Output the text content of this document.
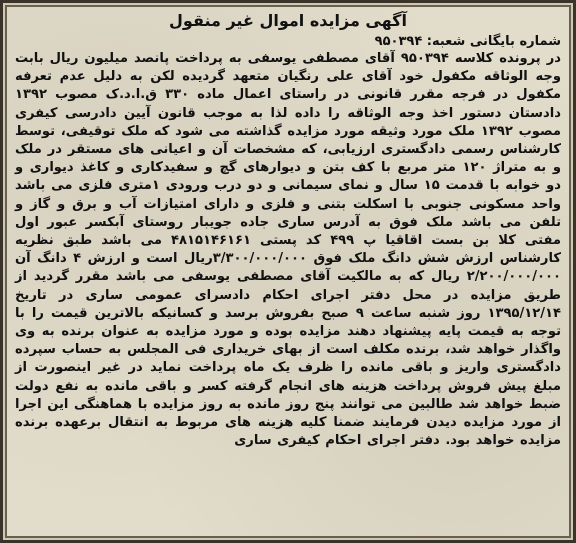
آگهی مزایده اموال غیر منقول

شماره بایگانی شعبه: ۹۵۰۳۹۴

در پرونده کلاسه ۹۵۰۳۹۴ آقای مصطفی یوسفی به پرداخت پانصد میلیون ریال بابت وجه الوثاقه مکفول خود آقای علی رنگیان متعهد گردیده لکن به دلیل عدم تعرفه مکفول در فرجه مقرر قانونی در راستای اعمال ماده ۳۳۰ ق.ا.د.ک مصوب ۱۳۹۲ دادستان دستور اخذ وجه الوثاقه را داده لذا به موجب قانون آیین دادرسی کیفری مصوب ۱۳۹۲ ملک مورد وثیقه مورد مزایده گذاشته می شود که ملک توقیفی، توسط کارشناس رسمی دادگستری ارزیابی، که مشخصات آن و اعیانی های مستقر در ملک و به متراژ ۱۲۰ متر مربع با کف بتن و دیوارهای گچ و سفیدکاری و کاغذ دیواری و دو خوابه با قدمت ۱۵ سال و نمای سیمانی و دو درب ورودی ۱متری فلزی می باشد واحد مسکونی جنوبی با اسکلت بتنی و فلزی و دارای امتیازات آب و برق و گاز و تلفن می باشد ملک فوق به آدرس ساری جاده جویبار روستای آبکسر عبور اول مفتی کلا بن بست اقاقیا پ ۴۹۹ کد پستی ۴۸۱۵۱۴۶۱۶۱ می باشد طبق نظریه کارشناس ارزش شش دانگ ملک فوق ۳/۳۰۰/۰۰۰/۰۰۰ریال است و ارزش ۴ دانگ آن ۲/۲۰۰/۰۰۰/۰۰۰ ریال که به مالکیت آقای مصطفی یوسفی می باشد مقرر گردید از طریق مزایده در محل دفتر اجرای احکام دادسرای عمومی ساری در تاریخ ۱۳۹۵/۱۲/۱۴ روز شنبه ساعت ۹ صبح بفروش برسد و کسانیکه بالاترین قیمت را با توجه به قیمت پایه پیشنهاد دهند مزایده بوده و مورد مزایده به عنوان برنده به وی واگذار خواهد شد، برنده مکلف است از بهای خریداری فی المجلس به حساب سپرده دادگستری واریز و باقی مانده را ظرف یک ماه پرداخت نماید در غیر اینصورت از مبلغ پیش فروش پرداخت هزینه های انجام گرفته کسر و باقی مانده به نفع دولت ضبط خواهد شد طالبین می توانند پنج روز مانده به روز مزایده با هماهنگی این اجرا از مورد مزایده دیدن فرمایند ضمنا کلیه هزینه های مربوط به انتقال برعهده برنده مزایده خواهد بود. دفتر اجرای احکام کیفری ساری
